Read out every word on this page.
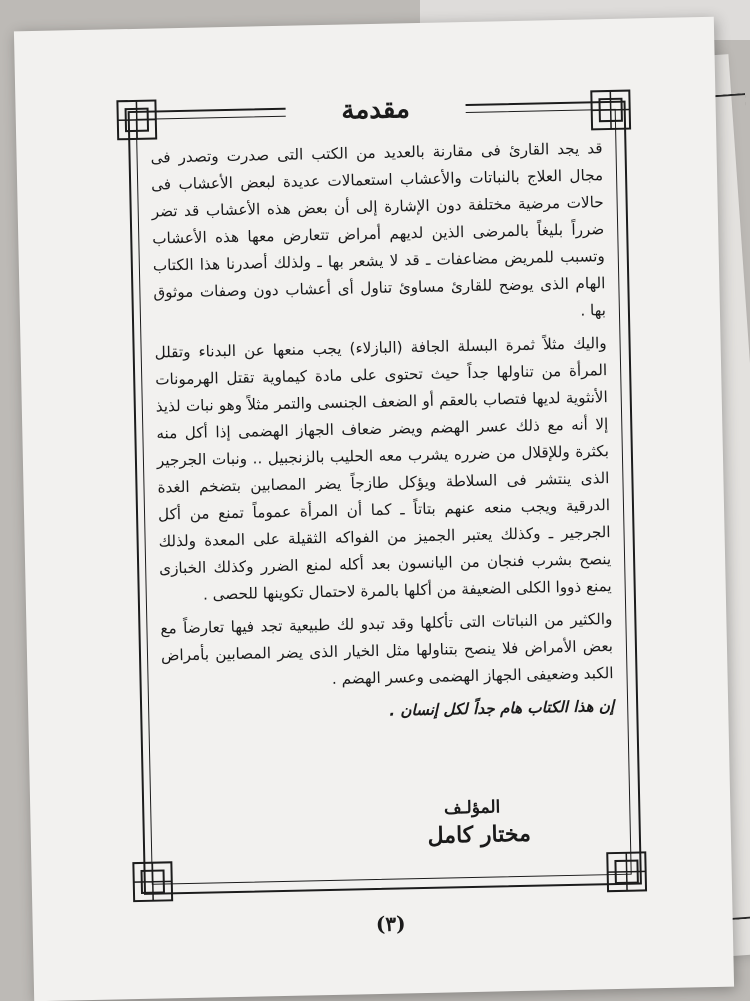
مقدمة

قد يجد القارئ فى مقارنة بالعديد من الكتب التى صدرت وتصدر فى مجال العلاج بالنباتات والأعشاب استعمالات عديدة لبعض الأعشاب فى حالات مرضية مختلفة دون الإشارة إلى أن بعض هذه الأعشاب قد تضر ضرراً بليغاً بالمرضى الذين لديهم أمراض تتعارض معها هذه الأعشاب وتسبب للمريض مضاعفات ـ قد لا يشعر بها ـ ولذلك أصدرنا هذا الكتاب الهام الذى يوضح للقارئ مساوئ تناول أى أعشاب دون وصفات موثوق بها .

واليك مثلاً ثمرة البسلة الجافة (البازلاء) يجب منعها عن البدناء وتقلل المرأة من تناولها جداً حيث تحتوى على مادة كيماوية تقتل الهرمونات الأنثوية لديها فتصاب بالعقم أو الضعف الجنسى والتمر مثلاً وهو نبات لذيذ إلا أنه مع ذلك عسر الهضم ويضر ضعاف الجهاز الهضمى إذا أكل منه بكثرة وللإقلال من ضرره يشرب معه الحليب بالزنجبيل .. ونبات الجرجير الذى ينتشر فى السلاطة ويؤكل طازجاً يضر المصابين بتضخم الغدة الدرقية ويجب منعه عنهم بتاتاً ـ كما أن المرأة عموماً تمنع من أكل الجرجير ـ وكذلك يعتبر الجميز من الفواكه الثقيلة على المعدة ولذلك ينصح بشرب فنجان من اليانسون بعد أكله لمنع الضرر وكذلك الخبازى يمنع ذووا الكلى الضعيفة من أكلها بالمرة لاحتمال تكوينها للحصى .

والكثير من النباتات التى تأكلها وقد تبدو لك طبيعية تجد فيها تعارضاً مع بعض الأمراض فلا ينصح بتناولها مثل الخيار الذى يضر المصابين بأمراض الكبد وضعيفى الجهاز الهضمى وعسر الهضم .

إن هذا الكتاب هام جداً لكل إنسان .

المؤلـف
مختار كامل
(٣)
